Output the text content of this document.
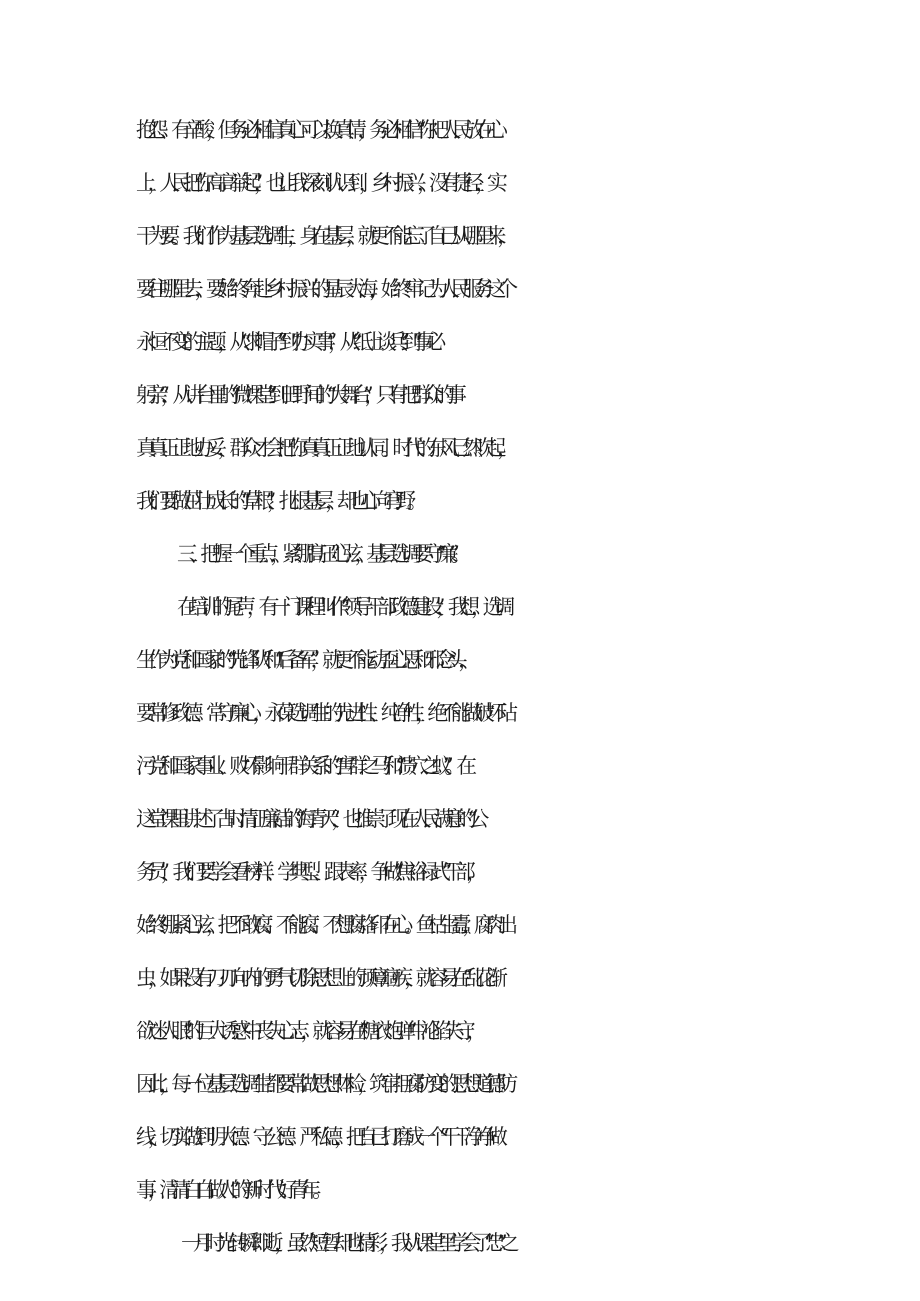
抱怨、有辛酸，但务必相信真心可以换真情，务必相信“你把人民放在心
上，人民把你高高举起”，也让我深刻认识到，乡村振兴，没有捷径，实
干为要。我们作为基层选调生，身在基层，就更不能忘了自己从哪里来，
要往哪里去，要始终奔赴乡村振兴的星辰大海，始终牢记为人民服务这个
永恒不变的主题，从“求帽子”到“办实事”，从“纸上谈兵”到“事必
躬亲”，从讲台里的“微课堂”到田野间的“大舞台”，只有把群众的事
真真正正地办妥，群众才会把你真真正正地认同。时代的东风已然吹起，
我们要做茁壮成长的“草根”，扎根基层，却也心向穹野。
三、把握一个重点，紧绷“高压”心弦，基层选调要守“廉”。
在培训的尾声，有一门课程叫作“领导干部政德建设”，我想，选调
生作为党和国家的“先锋队”和“后备军”，就更不能动歪心思和邪念头，
要常修政德、常守廉心，永葆选调生的先进性、纯净性，绝不能做破坏玷
污党和国家事业、败坏影响干群关系的“害群之马”和“溃穴之蚁”。在
这堂课里讲述了古时清正廉洁的“海青天”，也推崇了现在人民满意的“公
务员”，我们要学会看榜样、学典型、跟表率，争做“焦裕禄式”干部，
始终绷紧心弦，把不敢腐、不能腐、不想腐烙印在心。鱼枯生蠹，腐肉出
虫，如果没有刀刃向内的勇气切除思想上的顽瘴痼疾，就容易在“乱花渐
欲迷人眼”的巨大诱惑中丧失心志，就容易在“糖衣炮弹”中沦陷失守，
因此，每一位基层选调生都要常做思想体检，筑牢拒腐防变的思想道德防
线，切实做到明大德、守公德、严私德，把自己打磨成一个“干干净净做
事，清清白白做人”的新时代好青年。
一月时光转瞬即逝，虽然短暂却也精彩，我从课堂里学会了“忠”之
